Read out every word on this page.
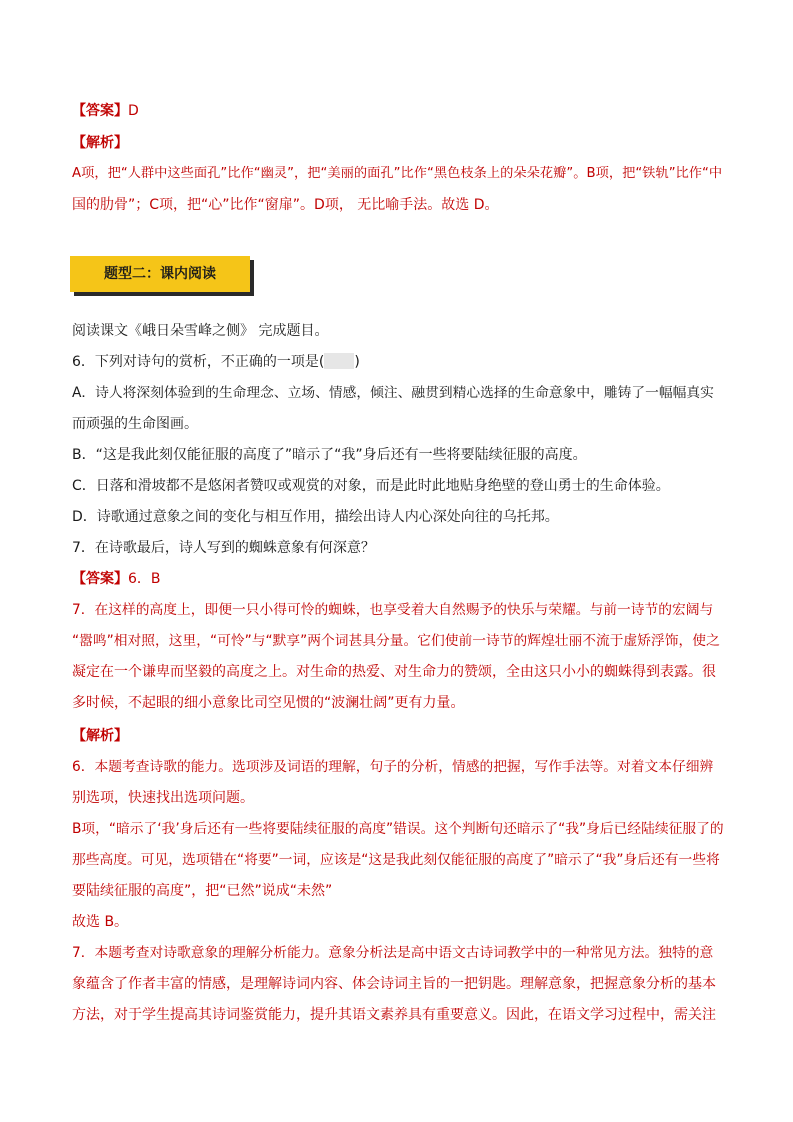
【答案】D
【解析】
A项，把“人群中这些面孔”比作“幽灵”，把“美丽的面孔”比作“黑色枝条上的朵朵花瓣”。B项，把“铁轨”比作“中
国的肋骨”；C项，把“心”比作“窗扉”。D项， 无比喻手法。故选 D。
题型二：课内阅读
阅读课文《峨日朵雪峰之侧》 完成题目。
6．下列对诗句的赏析，不正确的一项是( )
A．诗人将深刻体验到的生命理念、立场、情感，倾注、融贯到精心选择的生命意象中，雕铸了一幅幅真实
而顽强的生命图画。
B．“这是我此刻仅能征服的高度了”暗示了“我”身后还有一些将要陆续征服的高度。
C．日落和滑坡都不是悠闲者赞叹或观赏的对象，而是此时此地贴身绝壁的登山勇士的生命体验。
D．诗歌通过意象之间的变化与相互作用，描绘出诗人内心深处向往的乌托邦。
7．在诗歌最后，诗人写到的蜘蛛意象有何深意？
【答案】6．B
7．在这样的高度上，即便一只小得可怜的蜘蛛，也享受着大自然赐予的快乐与荣耀。与前一诗节的宏阔与
“嚣鸣”相对照，这里，“可怜”与“默享”两个词甚具分量。它们使前一诗节的辉煌壮丽不流于虚矫浮饰，使之
凝定在一个谦卑而坚毅的高度之上。对生命的热爱、对生命力的赞颂，全由这只小小的蜘蛛得到表露。很
多时候，不起眼的细小意象比司空见惯的“波澜壮阔”更有力量。
【解析】
6．本题考查诗歌的能力。选项涉及词语的理解，句子的分析，情感的把握，写作手法等。对着文本仔细辨
别选项，快速找出选项问题。
B项，“暗示了‘我’身后还有一些将要陆续征服的高度”错误。这个判断句还暗示了“我”身后已经陆续征服了的
那些高度。可见，选项错在“将要”一词，应该是“这是我此刻仅能征服的高度了”暗示了“我”身后还有一些将
要陆续征服的高度”，把“已然”说成“未然”
故选 B。
7．本题考查对诗歌意象的理解分析能力。意象分析法是高中语文古诗词教学中的一种常见方法。独特的意
象蕴含了作者丰富的情感，是理解诗词内容、体会诗词主旨的一把钥匙。理解意象，把握意象分析的基本
方法，对于学生提高其诗词鉴赏能力，提升其语文素养具有重要意义。因此，在语文学习过程中，需关注
